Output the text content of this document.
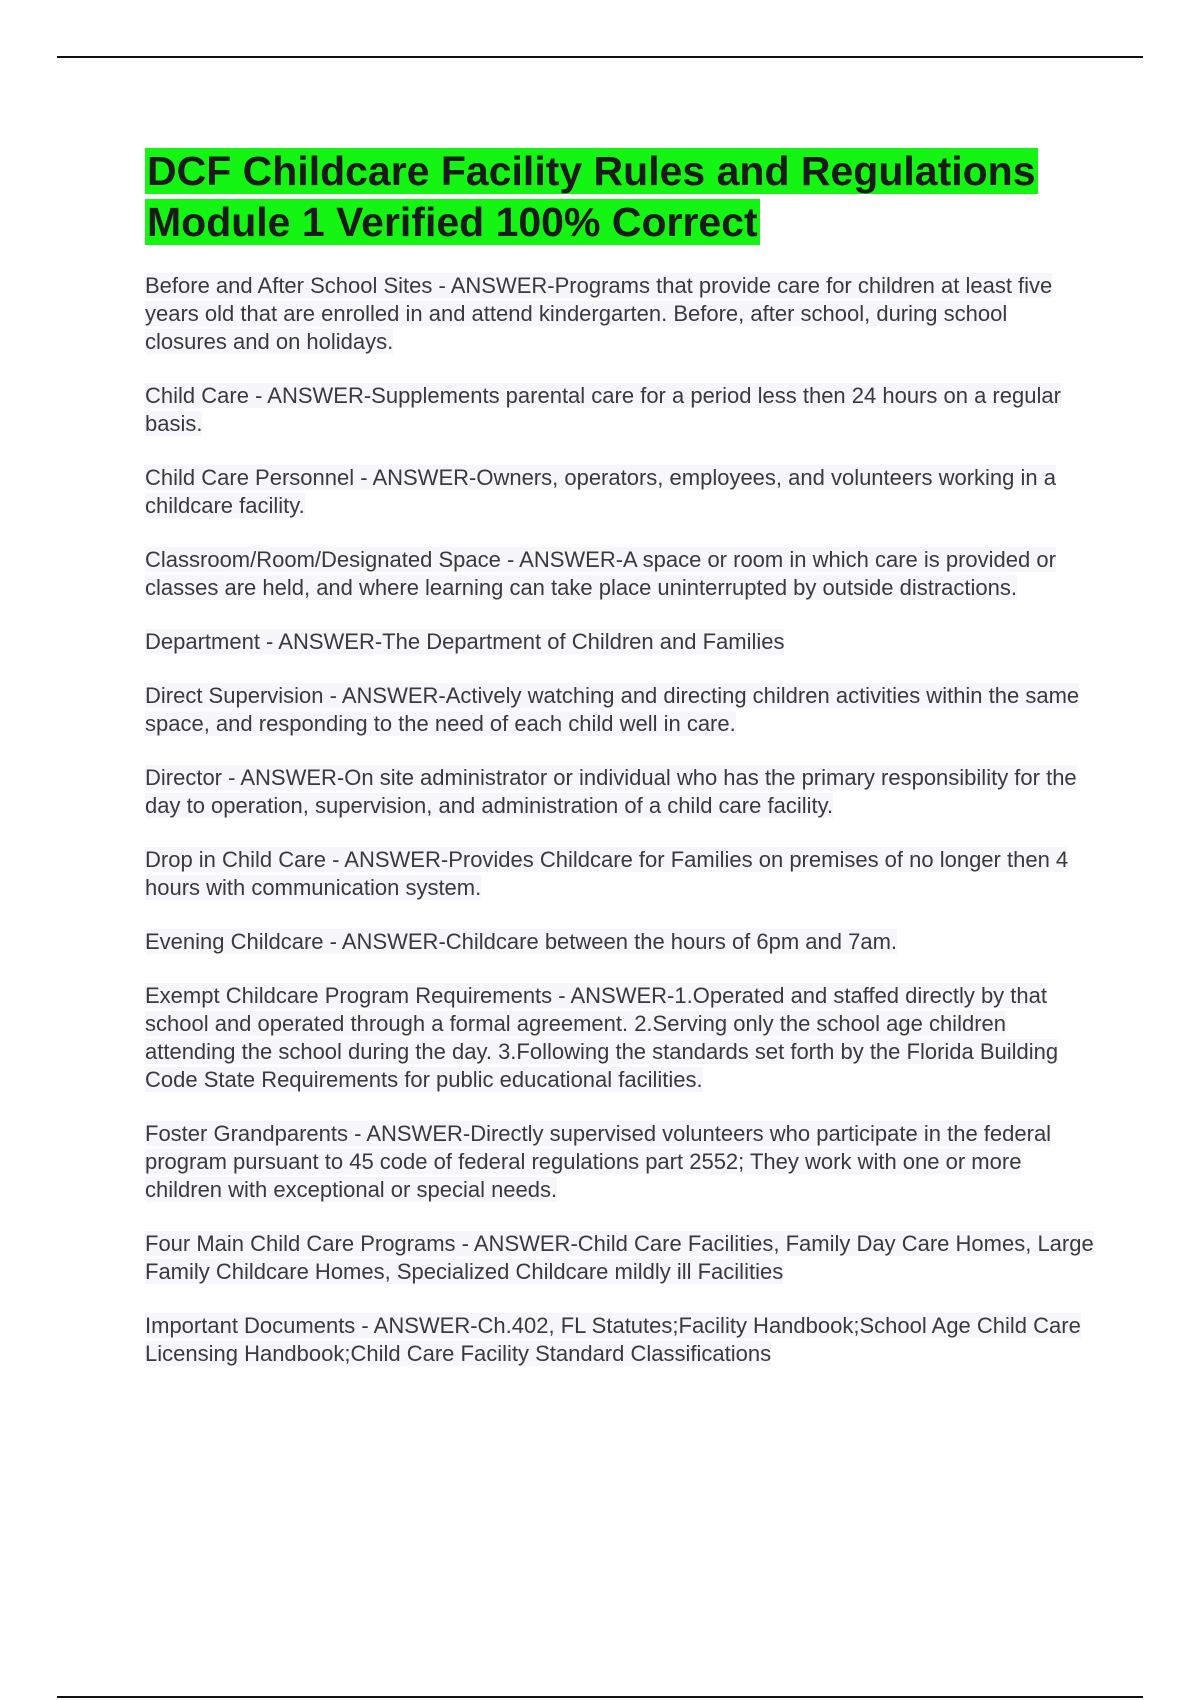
DCF Childcare Facility Rules and Regulations Module 1 Verified 100% Correct

Before and After School Sites - ANSWER-Programs that provide care for children at least five years old that are enrolled in and attend kindergarten. Before, after school, during school closures and on holidays.

Child Care - ANSWER-Supplements parental care for a period less then 24 hours on a regular basis.

Child Care Personnel - ANSWER-Owners, operators, employees, and volunteers working in a childcare facility.

Classroom/Room/Designated Space - ANSWER-A space or room in which care is provided or classes are held, and where learning can take place uninterrupted by outside distractions.

Department - ANSWER-The Department of Children and Families

Direct Supervision - ANSWER-Actively watching and directing children activities within the same space, and responding to the need of each child well in care.

Director - ANSWER-On site administrator or individual who has the primary responsibility for the day to operation, supervision, and administration of a child care facility.

Drop in Child Care - ANSWER-Provides Childcare for Families on premises of no longer then 4 hours with communication system.

Evening Childcare - ANSWER-Childcare between the hours of 6pm and 7am.

Exempt Childcare Program Requirements - ANSWER-1.Operated and staffed directly by that school and operated through a formal agreement. 2.Serving only the school age children attending the school during the day. 3.Following the standards set forth by the Florida Building Code State Requirements for public educational facilities.

Foster Grandparents - ANSWER-Directly supervised volunteers who participate in the federal program pursuant to 45 code of federal regulations part 2552; They work with one or more children with exceptional or special needs.

Four Main Child Care Programs - ANSWER-Child Care Facilities, Family Day Care Homes, Large Family Childcare Homes, Specialized Childcare mildly ill Facilities

Important Documents - ANSWER-Ch.402, FL Statutes;Facility Handbook;School Age Child Care Licensing Handbook;Child Care Facility Standard Classifications
